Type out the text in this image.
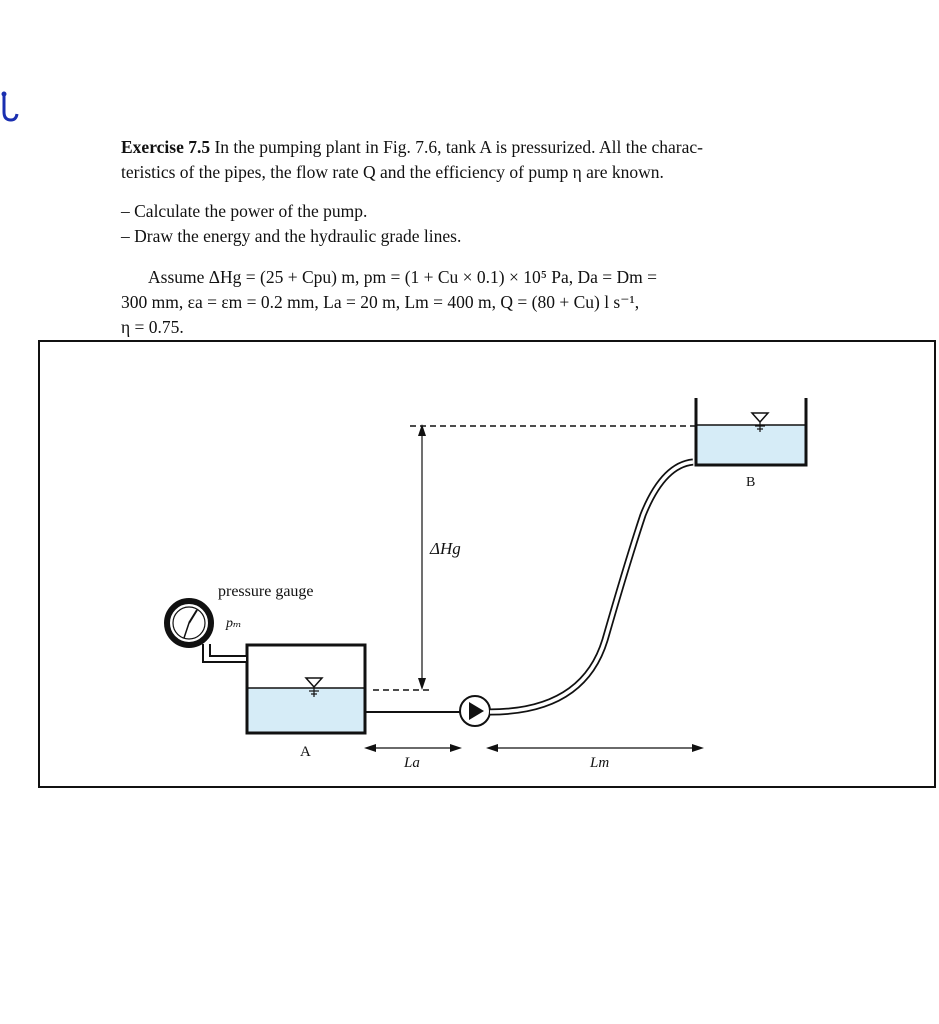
Exercise 7.5 In the pumping plant in Fig. 7.6, tank A is pressurized. All the charac-
teristics of the pipes, the flow rate Q and the efficiency of pump η are known.
– Calculate the power of the pump.
– Draw the energy and the hydraulic grade lines.
Assume ΔHg = (25 + Cpu) m, pm = (1 + Cu × 0.1) × 10⁵ Pa, Da = Dm =
300 mm, εa = εm = 0.2 mm, La = 20 m, Lm = 400 m, Q = (80 + Cu) l s⁻¹,
η = 0.75.
pressure gauge
pₘ
A
ΔHg
B
La	Lm
